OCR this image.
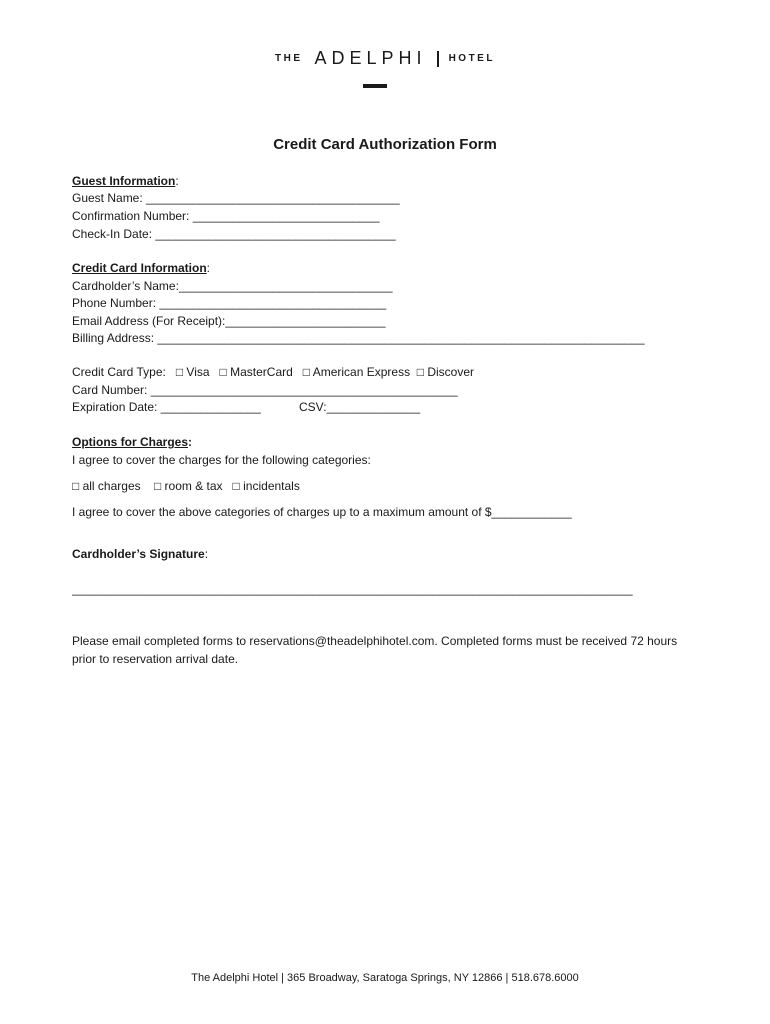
THE ADELPHI HOTEL
Credit Card Authorization Form
Guest Information:
Guest Name: ______________________________________
Confirmation Number: ____________________________
Check-In Date: ____________________________________
Credit Card Information:
Cardholder’s Name:________________________________
Phone Number: __________________________________
Email Address (For Receipt):________________________
Billing Address: _________________________________________________________________________
Credit Card Type:   □ Visa   □ MasterCard   □ American Express  □ Discover
Card Number: ______________________________________________
Expiration Date: _______________	CSV:______________
Options for Charges:
I agree to cover the charges for the following categories:
□ all charges    □ room & tax   □ incidentals
I agree to cover the above categories of charges up to a maximum amount of $____________
Cardholder’s Signature:
____________________________________________________________________________________
Please email completed forms to reservations@theadelphihotel.com. Completed forms must be received 72 hours prior to reservation arrival date.
The Adelphi Hotel | 365 Broadway, Saratoga Springs, NY 12866 | 518.678.6000
